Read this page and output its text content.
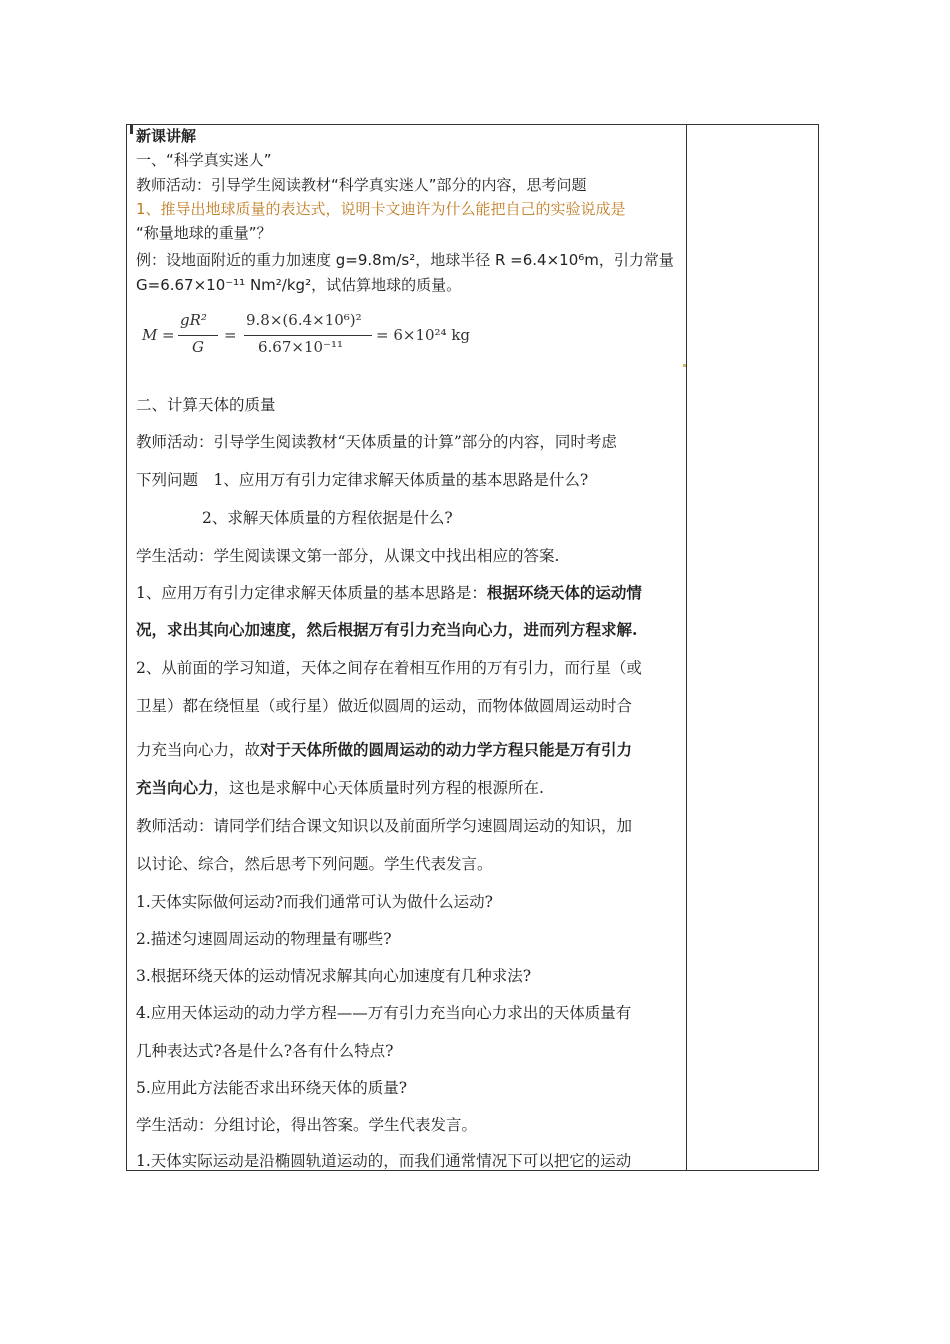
新课讲解
一、“科学真实迷人”
教师活动：引导学生阅读教材“科学真实迷人”部分的内容，思考问题
1、推导出地球质量的表达式，说明卡文迪许为什么能把自己的实验说成是
“称量地球的重量”？
例：设地面附近的重力加速度 g=9.8m/s²，地球半径 R =6.4×10⁶m，引力常量
G=6.67×10⁻¹¹ Nm²/kg²，试估算地球的质量。
M =
gR²
G
=
9.8×(6.4×10⁶)²
6.67×10⁻¹¹
= 6×10²⁴ kg
二、计算天体的质量
教师活动：引导学生阅读教材“天体质量的计算”部分的内容，同时考虑
下列问题　1、应用万有引力定律求解天体质量的基本思路是什么?
2、求解天体质量的方程依据是什么?
学生活动：学生阅读课文第一部分，从课文中找出相应的答案.
1、应用万有引力定律求解天体质量的基本思路是：根据环绕天体的运动情
况，求出其向心加速度，然后根据万有引力充当向心力，进而列方程求解.
2、从前面的学习知道，天体之间存在着相互作用的万有引力，而行星（或
卫星）都在绕恒星（或行星）做近似圆周的运动，而物体做圆周运动时合
力充当向心力，故对于天体所做的圆周运动的动力学方程只能是万有引力
充当向心力，这也是求解中心天体质量时列方程的根源所在.
教师活动：请同学们结合课文知识以及前面所学匀速圆周运动的知识，加
以讨论、综合，然后思考下列问题。学生代表发言。
1.天体实际做何运动?而我们通常可认为做什么运动?
2.描述匀速圆周运动的物理量有哪些?
3.根据环绕天体的运动情况求解其向心加速度有几种求法?
4.应用天体运动的动力学方程——万有引力充当向心力求出的天体质量有
几种表达式?各是什么?各有什么特点?
5.应用此方法能否求出环绕天体的质量?
学生活动：分组讨论，得出答案。学生代表发言。
1.天体实际运动是沿椭圆轨道运动的，而我们通常情况下可以把它的运动
